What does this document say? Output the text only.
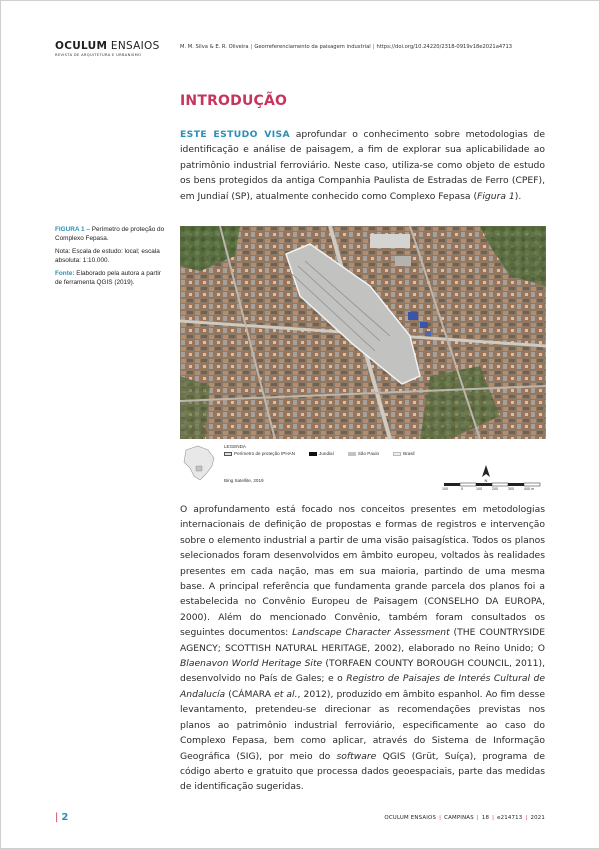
OCULUM ENSAIOS
REVISTA DE ARQUITETURA E URBANISMO
M. M. Silva & E. R. Oliveira | Georreferenciamento da paisagem industrial | https://doi.org/10.24220/2318-0919v18e2021a4713
INTRODUÇÃO
ESTE ESTUDO VISA aprofundar o conhecimento sobre metodologias de identificação e análise de paisagem, a fim de explorar sua aplicabilidade ao patrimônio industrial ferroviário. Neste caso, utiliza-se como objeto de estudo os bens protegidos da antiga Companhia Paulista de Estradas de Ferro (CPEF), em Jundiaí (SP), atualmente conhecido como Complexo Fepasa (Figura 1).

FIGURA 1 – Perímetro de proteção do Complexo Fepasa.

Nota: Escala de estudo: local; escala absoluta: 1:10.000.

Fonte: Elaborado pela autora a partir de ferramenta QGIS (2019).

.
LEGENDA
Perímetro de proteção IPHAN	Jundiaí	São Paulo	Brasil
Bing Satellite, 2019	N
100	0	100	200	300	400 m
O aprofundamento está focado nos conceitos presentes em metodologias internacionais de definição de propostas e formas de registros e intervenção sobre o elemento industrial a partir de uma visão paisagística. Todos os planos selecionados foram desenvolvidos em âmbito europeu, voltados às realidades presentes em cada nação, mas em sua maioria, partindo de uma mesma base. A principal referência que fundamenta grande parcela dos planos foi a estabelecida no Convênio Europeu de Paisagem (CONSELHO DA EUROPA, 2000). Além do mencionado Convênio, também foram consultados os seguintes documentos: Landscape Character Assessment (THE COUNTRYSIDE AGENCY; SCOTTISH NATURAL HERITAGE, 2002), elaborado no Reino Unido; O Blaenavon World Heritage Site (TORFAEN COUNTY BOROUGH COUNCIL, 2011), desenvolvido no País de Gales; e o Registro de Paisajes de Interés Cultural de Andalucía (CÁMARA et al., 2012), produzido em âmbito espanhol. Ao fim desse levantamento, pretendeu-se direcionar as recomendações previstas nos planos ao patrimônio industrial ferroviário, especificamente ao caso do Complexo Fepasa, bem como aplicar, através do Sistema de Informação Geográfica (SIG), por meio do software QGIS (Grüt, Suíça), programa de código aberto e gratuito que processa dados geoespaciais, parte das medidas de identificação sugeridas.
| 2	OCULUM ENSAIOS | CAMPINAS | 18 | e214713 | 2021
